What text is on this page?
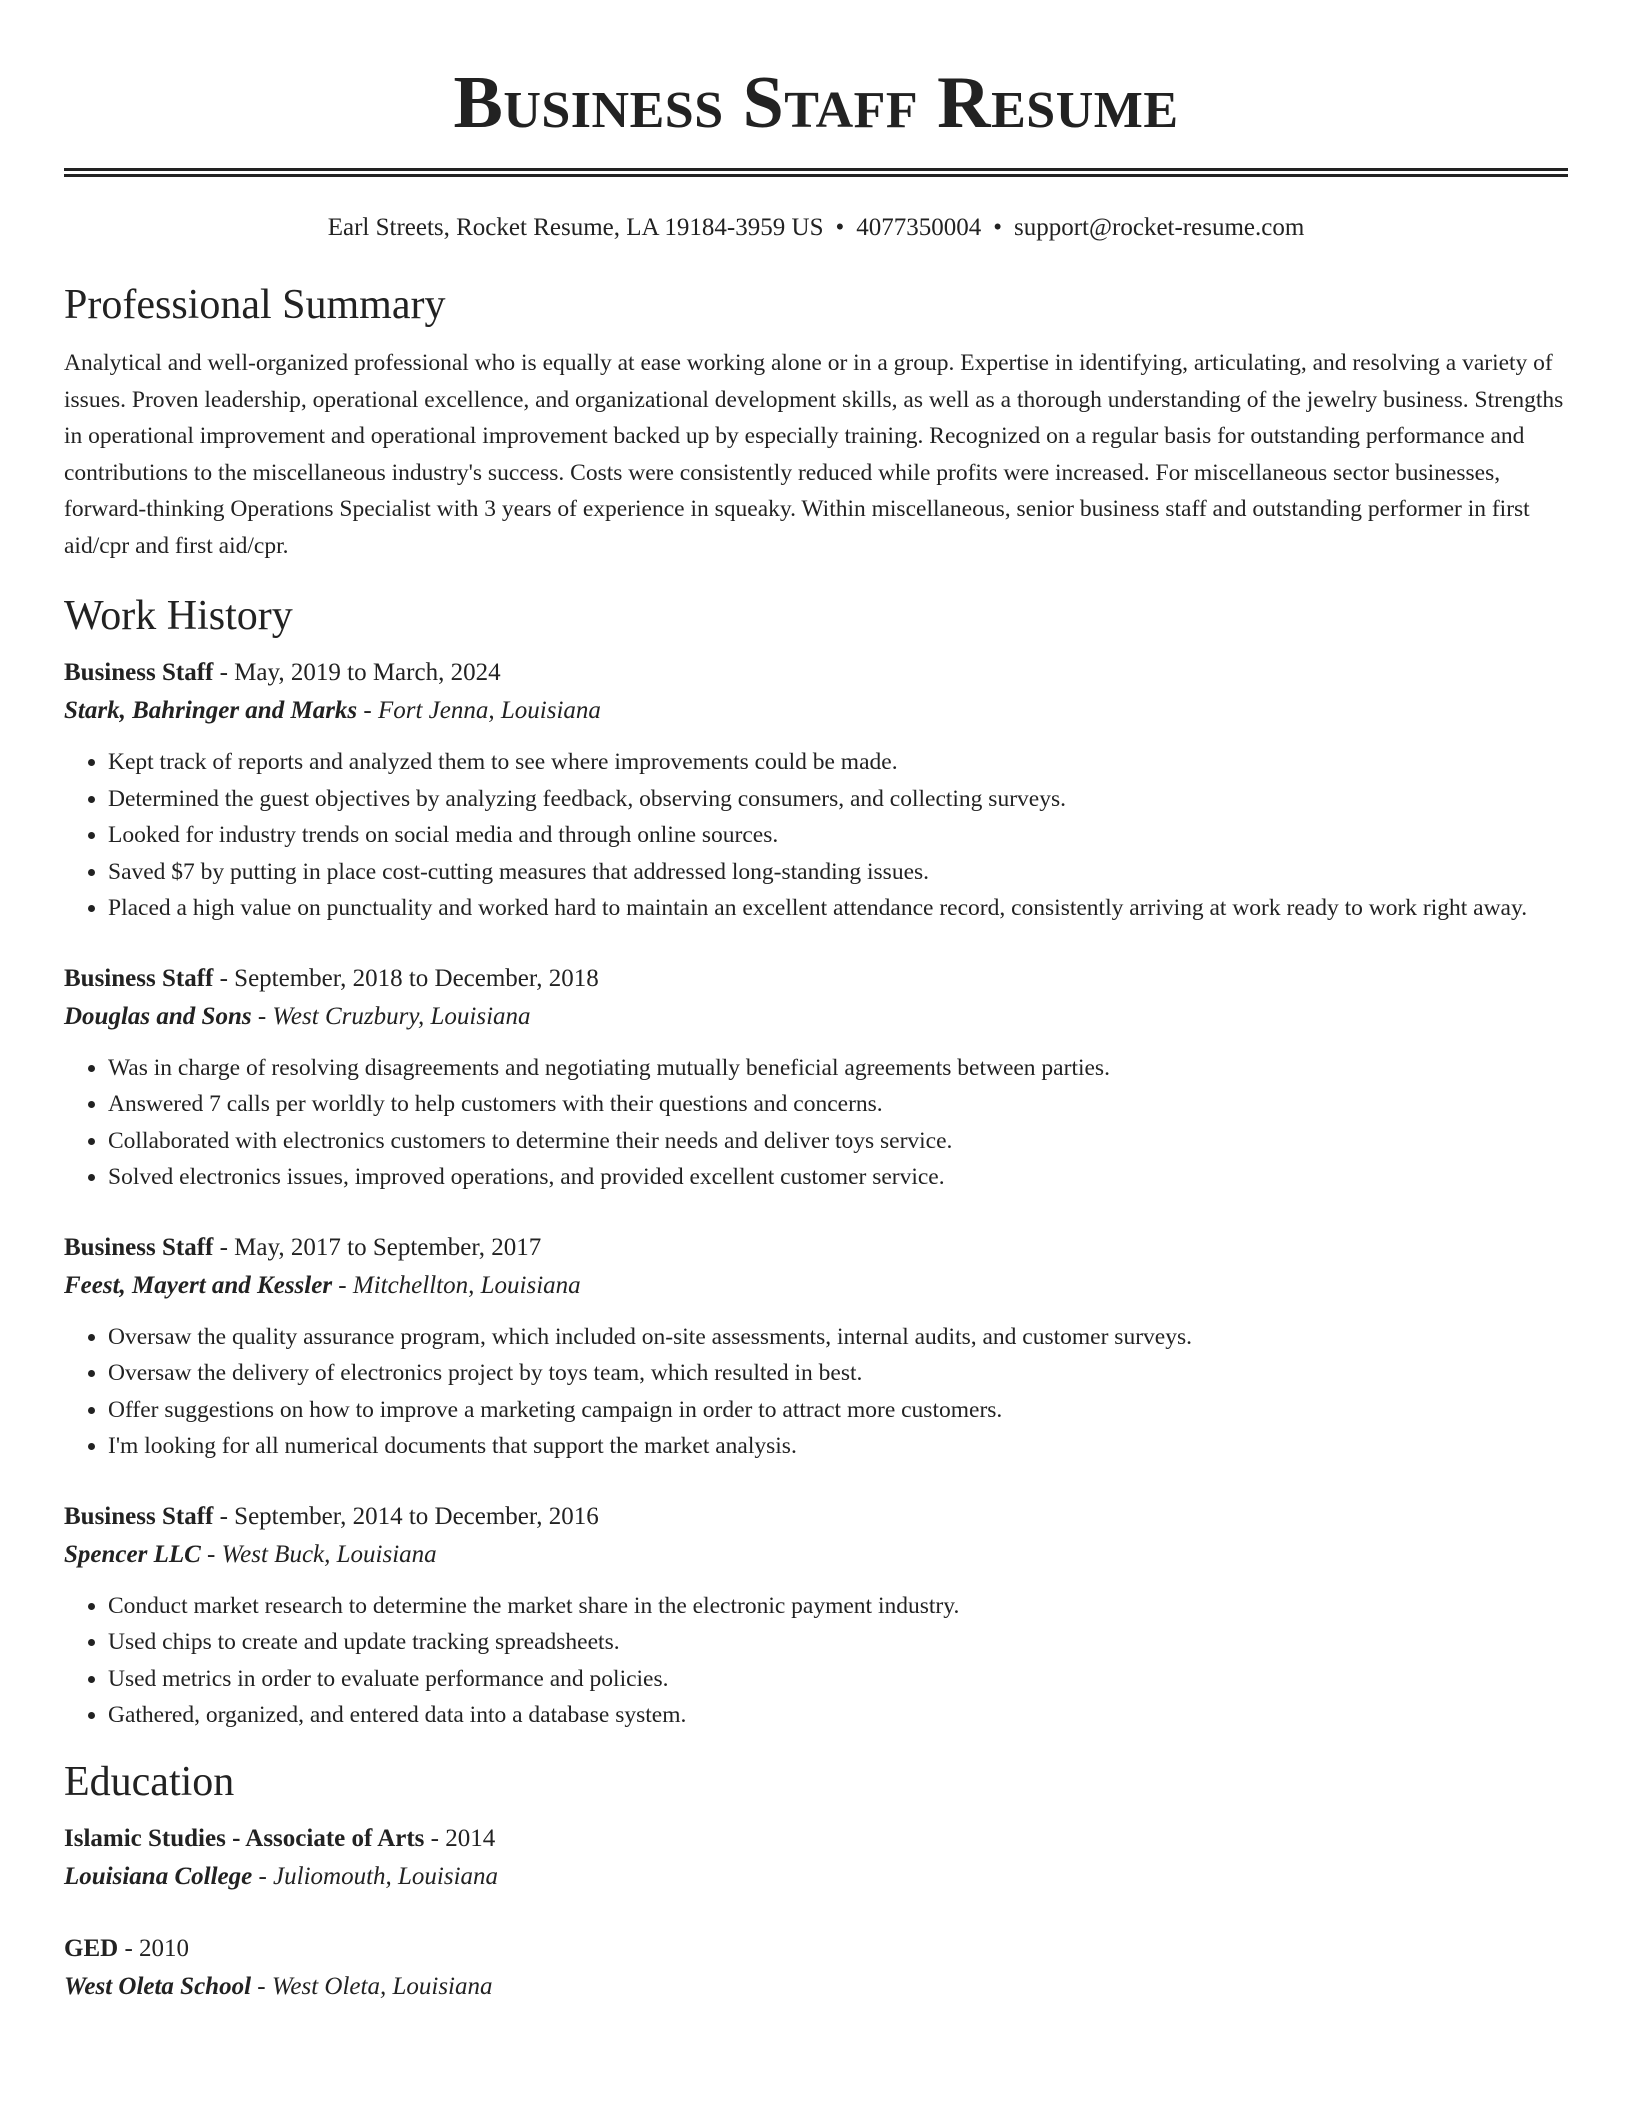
Business Staff Resume
Earl Streets, Rocket Resume, LA 19184-3959 US • 4077350004 • support@rocket-resume.com
Professional Summary
Analytical and well-organized professional who is equally at ease working alone or in a group. Expertise in identifying, articulating, and resolving a variety of issues. Proven leadership, operational excellence, and organizational development skills, as well as a thorough understanding of the jewelry business. Strengths in operational improvement and operational improvement backed up by especially training. Recognized on a regular basis for outstanding performance and contributions to the miscellaneous industry's success. Costs were consistently reduced while profits were increased. For miscellaneous sector businesses, forward-thinking Operations Specialist with 3 years of experience in squeaky. Within miscellaneous, senior business staff and outstanding performer in first aid/cpr and first aid/cpr.
Work History
Business Staff - May, 2019 to March, 2024
Stark, Bahringer and Marks - Fort Jenna, Louisiana
• Kept track of reports and analyzed them to see where improvements could be made.
• Determined the guest objectives by analyzing feedback, observing consumers, and collecting surveys.
• Looked for industry trends on social media and through online sources.
• Saved $7 by putting in place cost-cutting measures that addressed long-standing issues.
• Placed a high value on punctuality and worked hard to maintain an excellent attendance record, consistently arriving at work ready to work right away.
Business Staff - September, 2018 to December, 2018
Douglas and Sons - West Cruzbury, Louisiana
• Was in charge of resolving disagreements and negotiating mutually beneficial agreements between parties.
• Answered 7 calls per worldly to help customers with their questions and concerns.
• Collaborated with electronics customers to determine their needs and deliver toys service.
• Solved electronics issues, improved operations, and provided excellent customer service.
Business Staff - May, 2017 to September, 2017
Feest, Mayert and Kessler - Mitchellton, Louisiana
• Oversaw the quality assurance program, which included on-site assessments, internal audits, and customer surveys.
• Oversaw the delivery of electronics project by toys team, which resulted in best.
• Offer suggestions on how to improve a marketing campaign in order to attract more customers.
• I'm looking for all numerical documents that support the market analysis.
Business Staff - September, 2014 to December, 2016
Spencer LLC - West Buck, Louisiana
• Conduct market research to determine the market share in the electronic payment industry.
• Used chips to create and update tracking spreadsheets.
• Used metrics in order to evaluate performance and policies.
• Gathered, organized, and entered data into a database system.
Education
Islamic Studies - Associate of Arts - 2014
Louisiana College - Juliomouth, Louisiana
GED - 2010
West Oleta School - West Oleta, Louisiana
